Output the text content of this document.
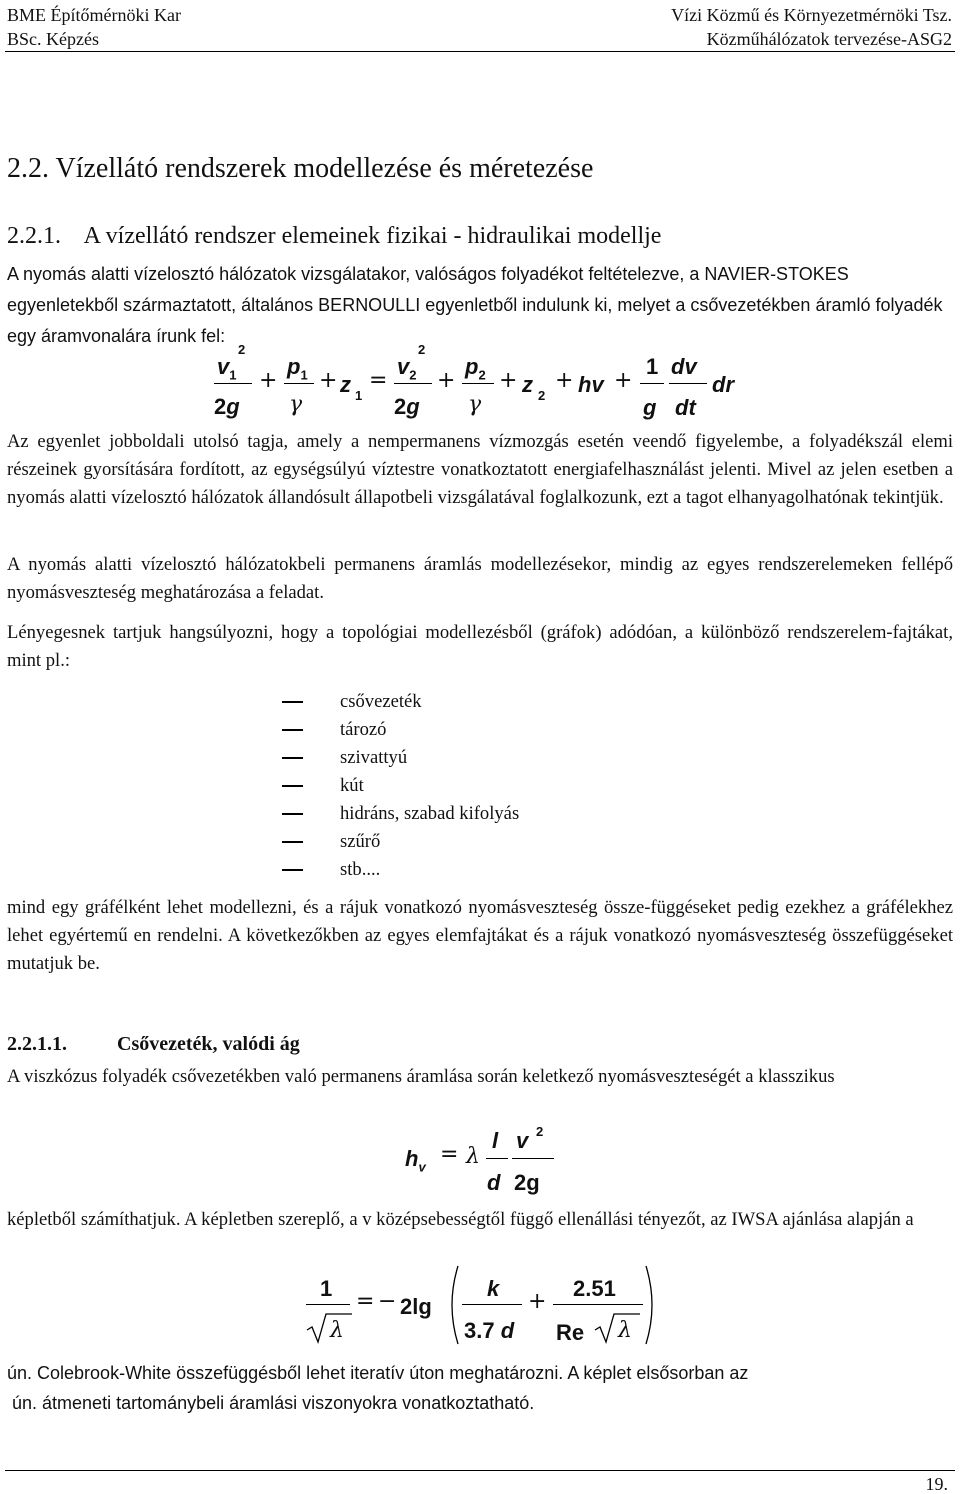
BME Építőmérnöki Kar
BSc. Képzés
Vízi Közmű és Környezetmérnöki Tsz.
Közműhálózatok tervezése-ASG2
2.2. Vízellátó rendszerek modellezése és méretezése
2.2.1.    A vízellátó rendszer elemeinek fizikai - hidraulikai modellje
A nyomás alatti vízelosztó hálózatok vizsgálatakor, valóságos folyadékot feltételezve, a NAVIER-STOKES egyenletekből származtatott, általános BERNOULLI egyenletből indulunk ki, melyet a csővezetékben áramló folyadék egy áramvonalára írunk fel:
$v_1$
2
2g
+
$p_1$
γ
+ z 1
=
$v_2$
2
2g
+
$p_2$
γ
+ z 2
+ hv +
1
g
dv
dt
dr
Az egyenlet jobboldali utolsó tagja, amely a nempermanens vízmozgás esetén veendő figyelembe, a folyadékszál elemi részeinek gyorsítására fordított, az egységsúlyú víztestre vonatkoztatott energiafelhasználást jelenti. Mivel az jelen esetben a nyomás alatti vízelosztó hálózatok állandósult állapotbeli vizsgálatával foglalkozunk, ezt a tagot elhanyagolhatónak tekintjük.
A nyomás alatti vízelosztó hálózatokbeli permanens áramlás modellezésekor, mindig az egyes rendszerelemeken fellépő nyomásveszteség meghatározása a feladat.
Lényegesnek tartjuk hangsúlyozni, hogy a topológiai modellezésből (gráfok) adódóan, a különböző rendszerelem-fajtákat, mint pl.:
csővezeték
tározó
szivattyú
kút
hidráns, szabad kifolyás
szűrő
stb....
mind egy gráfélként lehet modellezni, és a rájuk vonatkozó nyomásveszteség össze-függéseket pedig ezekhez a gráfélekhez lehet egyértemű en rendelni. A következőkben az egyes elemfajtákat és a rájuk vonatkozó nyomásveszteség összefüggéseket mutatjuk be.
2.2.1.1.	Csővezeték, valódi ág
A viszkózus folyadék csővezetékben való permanens áramlása során keletkező nyomásveszteségét a klasszikus
$h_v = \lambda$
l
d
v 2
2g
képletből számíthatjuk. A képletben szereplő, a v középsebességtől függő ellenállási tényezőt, az IWSA ajánlása alapján a
1
λ
= − 2lg
k
3.7 d
+
2.51
Re λ
ún. Colebrook-White összefüggésből lehet iteratív úton meghatározni. A képlet elsősorban az
ún. átmeneti tartománybeli áramlási viszonyokra vonatkoztatható.
19.
